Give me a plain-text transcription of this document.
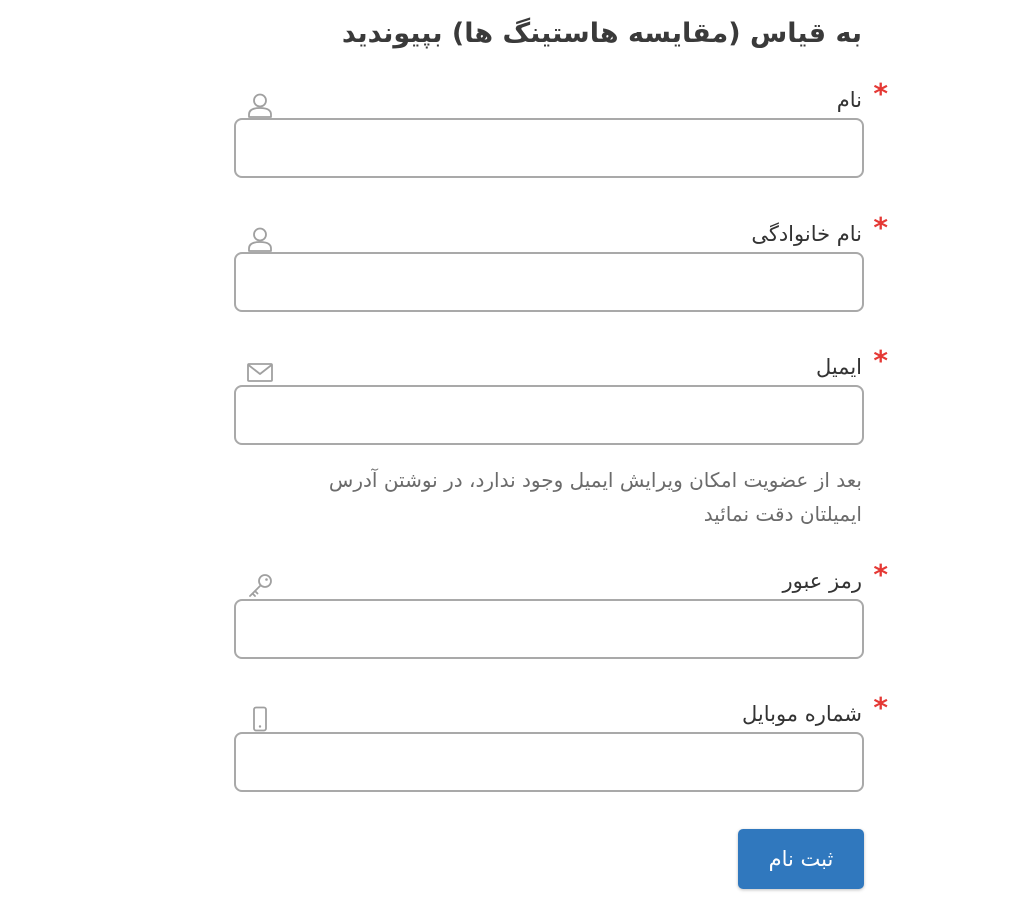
به قیاس (مقایسه هاستینگ ها) بپیوندید
*
نام
*
نام خانوادگی
*
ایمیل
بعد از عضویت امکان ویرایش ایمیل وجود ندارد، در نوشتن آدرس ایمیلتان دقت نمائید
*
رمز عبور
*
شماره موبایل
ثبت نام
